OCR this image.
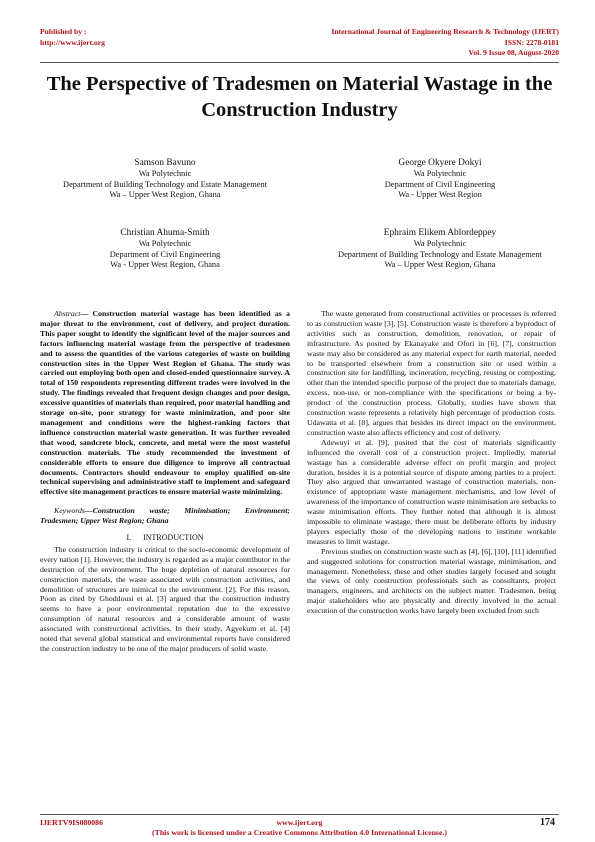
Published by :
http://www.ijert.org
International Journal of Engineering Research & Technology (IJERT)
ISSN: 2278-0181
Vol. 9 Issue 08, August-2020
The Perspective of Tradesmen on Material Wastage in the Construction Industry
Samson Bavuno
Wa Polytechnic
Department of Building Technology and Estate Management
Wa – Upper West Region, Ghana
George Okyere Dokyi
Wa Polytechnic
Department of Civil Engineering
Wa - Upper West Region
Christian Ahuma-Smith
Wa Polytechnic
Department of Civil Engineering
Wa - Upper West Region, Ghana
Ephraim Elikem Ablordeppey
Wa Polytechnic
Department of Building Technology and Estate Management
Wa – Upper West Region, Ghana

Abstract— Construction material wastage has been identified as a major threat to the environment, cost of delivery, and project duration. This paper sought to identify the significant level of the major sources and factors influencing material wastage from the perspective of tradesmen and to assess the quantities of the various categories of waste on building construction sites in the Upper West Region of Ghana. The study was carried out employing both open and closed-ended questionnaire survey. A total of 150 respondents representing different trades were involved in the study. The findings revealed that frequent design changes and poor design, excessive quantities of materials than required, poor material handling and storage on-site, poor strategy for waste minimization, and poor site management and conditions were the highest-ranking factors that influence construction material waste generation. It was further revealed that wood, sandcrete block, concrete, and metal were the most wasteful construction materials. The study recommended the investment of considerable efforts to ensure due diligence to improve all contractual documents. Contractors should endeavour to employ qualified on-site technical supervising and administrative staff to implement and safeguard effective site management practices to ensure material waste minimizing.

Keywords—Construction waste; Minimisation; Environment; Tradesmen; Upper West Region; Ghana

I.      INTRODUCTION

The construction industry is critical to the socio-economic development of every nation [1]. However, the industry is regarded as a major contributor to the destruction of the environment. The huge depletion of natural resources for construction materials, the waste associated with construction activities, and demolition of structures are inimical to the environment. [2]. For this reason, Poon as cited by Ghoddousi et al. [3] argued that the construction industry seems to have a poor environmental reputation due to the excessive consumption of natural resources and a considerable amount of waste associated with constructional activities. In their study, Agyekum et al. [4] noted that several global statistical and environmental reports have considered the construction industry to be one of the major producers of solid waste.

The waste generated from constructional activities or processes is referred to as construction waste [3], [5]. Construction waste is therefore a byproduct of activities such as construction, demolition, renovation, or repair of infrastructure. As posited by Ekanayake and Ofori in [6], [7], construction waste may also be considered as any material expect for earth material, needed to be transported elsewhere from a construction site or used within a construction site for landfilling, incineration, recycling, reusing or composting, other than the intended specific purpose of the project due to materials damage, excess, non-use, or non-compliance with the specifications or being a by-product of the construction process. Globally, studies have shown that construction waste represents a relatively high percentage of production costs. Udawatta et al. [8], argues that besides its direct impact on the environment, construction waste also affects efficiency and cost of delivery.

Adewuyi et al. [9], posited that the cost of materials significantly influenced the overall cost of a construction project. Impliedly, material wastage has a considerable adverse effect on profit margin and project duration, besides it is a potential source of dispute among parties to a project. They also argued that unwarranted wastage of construction materials, non-existence of appropriate waste management mechanisms, and low level of awareness of the importance of construction waste minimisation are setbacks to waste minimisation efforts. They further noted that although it is almost impossible to eliminate wastage, there must be deliberate efforts by industry players especially those of the developing nations to institute workable measures to limit wastage.

Previous studies on construction waste such as [4], [6], [10], [11] identified and suggested solutions for construction material wastage, minimisation, and management. Nonetheless, these and other studies largely focused and sought the views of only construction professionals such as consultants, project managers, engineers, and architects on the subject matter. Tradesmen, being major stakeholders who are physically and directly involved in the actual execution of the construction works have largely been excluded from such

IJERTV9IS080086	www.ijert.org
(This work is licensed under a Creative Commons Attribution 4.0 International License.)
174
